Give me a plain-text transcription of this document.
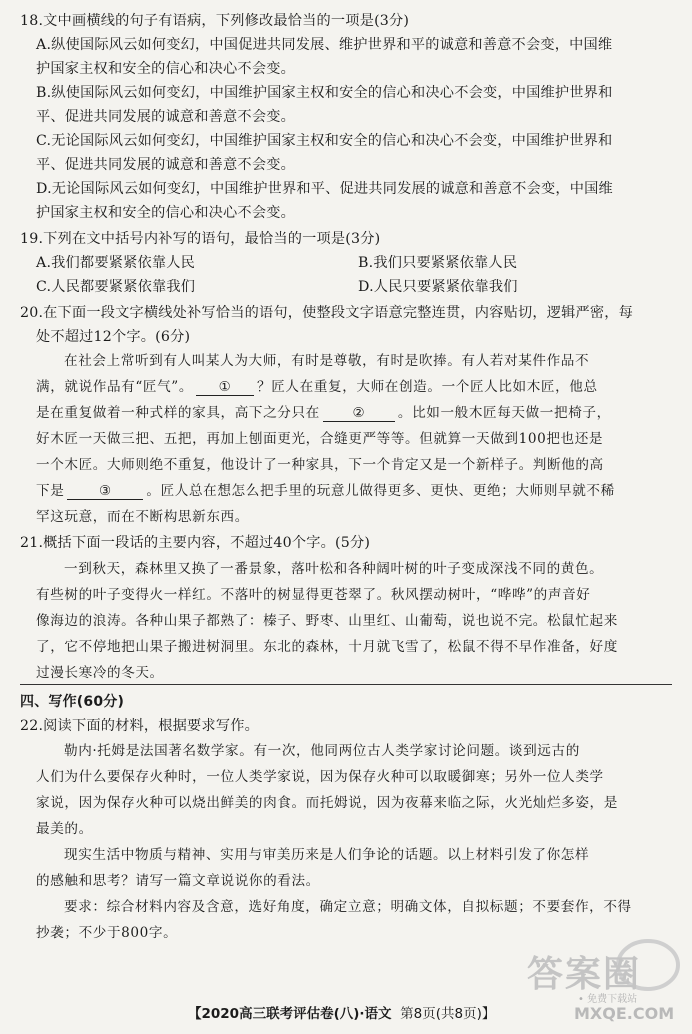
18.文中画横线的句子有语病，下列修改最恰当的一项是(3分)
A.纵使国际风云如何变幻，中国促进共同发展、维护世界和平的诚意和善意不会变，中国维
护国家主权和安全的信心和决心不会变。
B.纵使国际风云如何变幻，中国维护国家主权和安全的信心和决心不会变，中国维护世界和
平、促进共同发展的诚意和善意不会变。
C.无论国际风云如何变幻，中国维护国家主权和安全的信心和决心不会变，中国维护世界和
平、促进共同发展的诚意和善意不会变。
D.无论国际风云如何变幻，中国维护世界和平、促进共同发展的诚意和善意不会变，中国维
护国家主权和安全的信心和决心不会变。
19.下列在文中括号内补写的语句，最恰当的一项是(3分)
A.我们都要紧紧依靠人民	B.我们只要紧紧依靠人民
C.人民都要紧紧依靠我们	D.人民只要紧紧依靠我们
20.在下面一段文字横线处补写恰当的语句，使整段文字语意完整连贯，内容贴切，逻辑严密，每
处不超过12个字。(6分)
在社会上常听到有人叫某人为大师，有时是尊敬，有时是吹捧。有人若对某件作品不
满，就说作品有“匠气”。 ① ？匠人在重复，大师在创造。一个匠人比如木匠，他总
是在重复做着一种式样的家具，高下之分只在 ② 。比如一般木匠每天做一把椅子，
好木匠一天做三把、五把，再加上刨面更光，合缝更严等等。但就算一天做到100把也还是
一个木匠。大师则绝不重复，他设计了一种家具，下一个肯定又是一个新样子。判断他的高
下是	③	。匠人总在想怎么把手里的玩意儿做得更多、更快、更绝；大师则早就不稀
罕这玩意，而在不断构思新东西。
21.概括下面一段话的主要内容，不超过40个字。(5分)
一到秋天，森林里又换了一番景象，落叶松和各种阔叶树的叶子变成深浅不同的黄色。
有些树的叶子变得火一样红。不落叶的树显得更苍翠了。秋风摆动树叶，“哗哗”的声音好
像海边的浪涛。各种山果子都熟了：榛子、野枣、山里红、山葡萄，说也说不完。松鼠忙起来
了，它不停地把山果子搬进树洞里。东北的森林，十月就飞雪了，松鼠不得不早作准备，好度
过漫长寒冷的冬天。
四、写作(60分)
22.阅读下面的材料，根据要求写作。
勒内·托姆是法国著名数学家。有一次，他同两位古人类学家讨论问题。谈到远古的
人们为什么要保存火种时，一位人类学家说，因为保存火种可以取暖御寒；另外一位人类学
家说，因为保存火种可以烧出鲜美的肉食。而托姆说，因为夜幕来临之际，火光灿烂多姿，是
最美的。
现实生活中物质与精神、实用与审美历来是人们争论的话题。以上材料引发了你怎样
的感触和思考？请写一篇文章说说你的看法。
要求：综合材料内容及含意，选好角度，确定立意；明确文体，自拟标题；不要套作，不得
抄袭；不少于800字。
【2020高三联考评估卷(八)·语文 第8页(共8页)】
答案圈
• 免费下载站
MXQE.COM
